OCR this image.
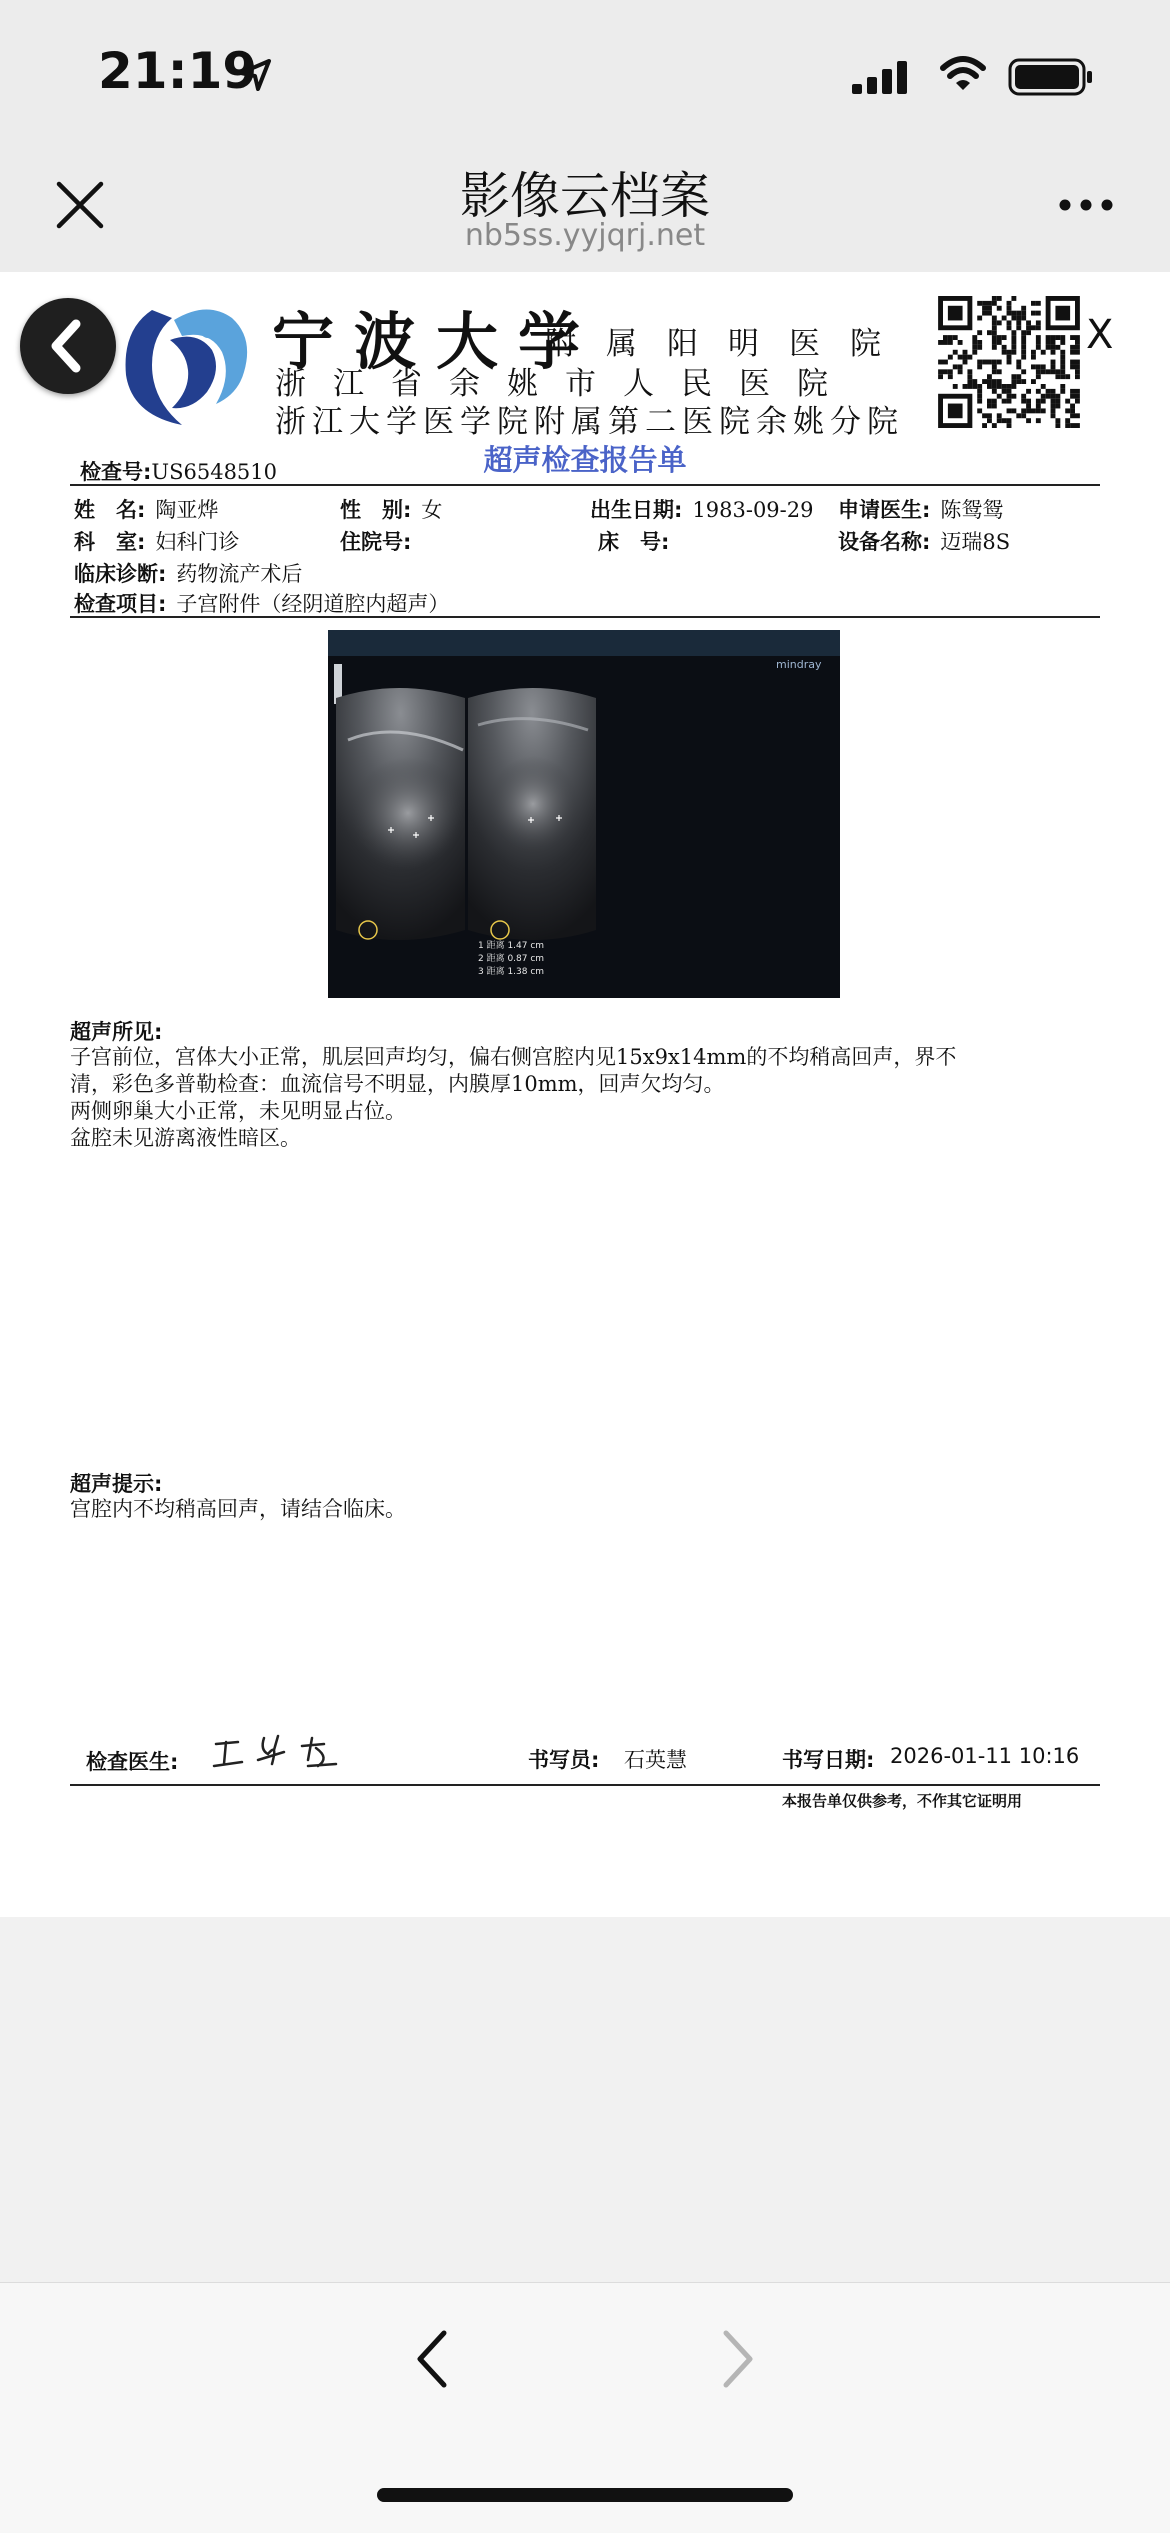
21:19
影像云档案
nb5ss.yyjqrj.net
宁波大学
附属阳明医院
浙江省余姚市人民医院
浙江大学医学院附属第二医院余姚分院
X
超声检查报告单
检查号:US6548510
姓　名: 陶亚烨	性　别: 女	出生日期: 1983-09-29 申请医生: 陈鸳鸳
科　室: 妇科门诊	住院号:	床　号:	设备名称: 迈瑞8S
临床诊断: 药物流产术后
检查项目: 子宫附件（经阴道腔内超声）
mindray
1 距离 1.47 cm
2 距离 0.87 cm
3 距离 1.38 cm
超声所见:
子宫前位，宫体大小正常，肌层回声均匀，偏右侧宫腔内见15x9x14mm的不均稍高回声，界不
清，彩色多普勒检查：血流信号不明显，内膜厚10mm，回声欠均匀。
两侧卵巢大小正常，未见明显占位。
盆腔未见游离液性暗区。
超声提示:
宫腔内不均稍高回声，请结合临床。
检查医生:	书写员: 石英慧	书写日期: 2026-01-11 10:16
本报告单仅供参考，不作其它证明用
